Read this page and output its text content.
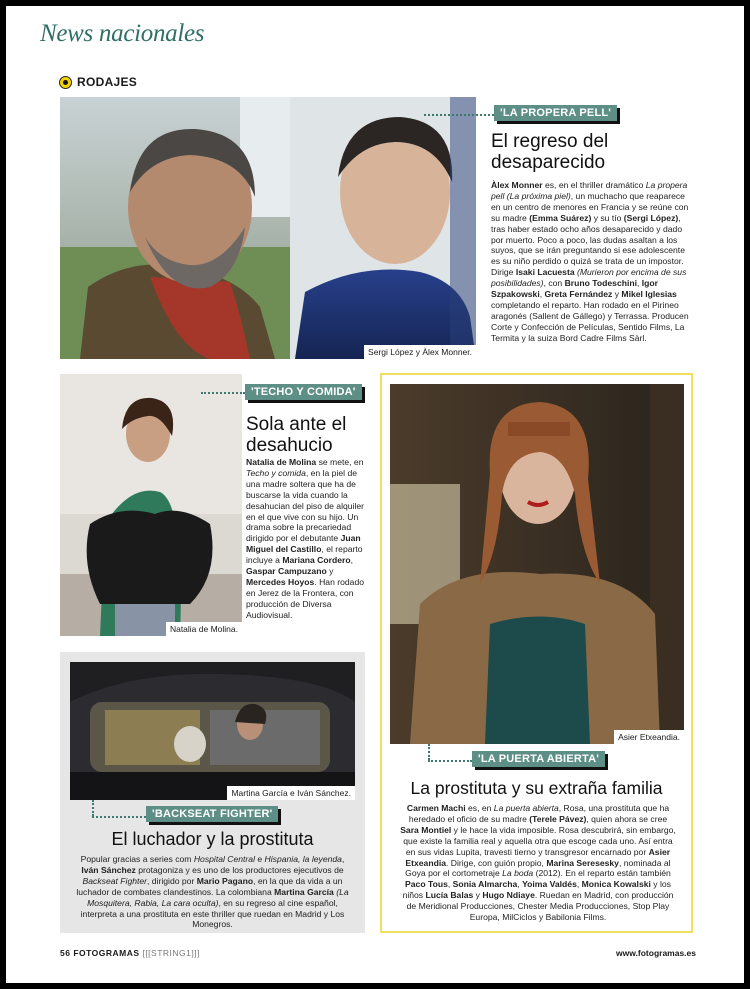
News nacionales
RODAJES
Sergi López y Àlex Monner.
'LA PROPERA PELL'
El regreso del
desaparecido
Àlex Monner es, en el thriller dramático La propera pell (La próxima piel), un muchacho que reaparece en un centro de menores en Francia y se reúne con su madre (Emma Suárez) y su tío (Sergi López), tras haber estado ocho años desaparecido y dado por muerto. Poco a poco, las dudas asaltan a los suyos, que se irán preguntando si ese adolescente es su niño perdido o quizá se trata de un impostor. Dirige Isaki Lacuesta (Murieron por encima de sus posibilidades), con Bruno Todeschini, Igor Szpakowski, Greta Fernández y Mikel Iglesias completando el reparto. Han rodado en el Pirineo aragonés (Sallent de Gállego) y Terrassa. Producen Corte y Confección de Películas, Sentido Films, La Termita y la suiza Bord Cadre Films Sàrl.
Natalia de Molina.
'TECHO Y COMIDA'
Sola ante el
desahucio
Natalia de Molina se mete, en Techo y comida, en la piel de una madre soltera que ha de buscarse la vida cuando la desahucian del piso de alquiler en el que vive con su hijo. Un drama sobre la precariedad dirigido por el debutante Juan Miguel del Castillo, el reparto incluye a Mariana Cordero, Gaspar Campuzano y Mercedes Hoyos. Han rodado en Jerez de la Frontera, con producción de Diversa Audiovisual.
Asier Etxeandia.
'LA PUERTA ABIERTA'
La prostituta y su extraña familia
Carmen Machi es, en La puerta abierta, Rosa, una prostituta que ha heredado el oficio de su madre (Terele Pávez), quien ahora se cree Sara Montiel y le hace la vida imposible. Rosa descubrirá, sin embargo, que existe la familia real y aquella otra que escoge cada uno. Así entra en sus vidas Lupita, travesti tierno y transgresor encarnado por Asier Etxeandia. Dirige, con guión propio, Marina Seresesky, nominada al Goya por el cortometraje La boda (2012). En el reparto están también Paco Tous, Sonia Almarcha, Yoima Valdés, Monica Kowalski y los niños Lucía Balas y Hugo Ndiaye. Ruedan en Madrid, con producción de Meridional Producciones, Chester Media Producciones, Stop Play Europa, MilCiclos y Babilonia Films.
Martina García e Iván Sánchez.
'BACKSEAT FIGHTER'
El luchador y la prostituta
Popular gracias a series com Hospital Central e Hispania, la leyenda, Iván Sánchez protagoniza y es uno de los productores ejecutivos de Backseat Fighter, dirigido por Mario Pagano, en la que da vida a un luchador de combates clandestinos. La colombiana Martina García (La Mosquitera, Rabia, La cara oculta), en su regreso al cine español, interpreta a una prostituta en este thriller que ruedan en Madrid y Los Monegros.
56 FOTOGRAMAS [[[STRING1]]]	www.fotogramas.es
